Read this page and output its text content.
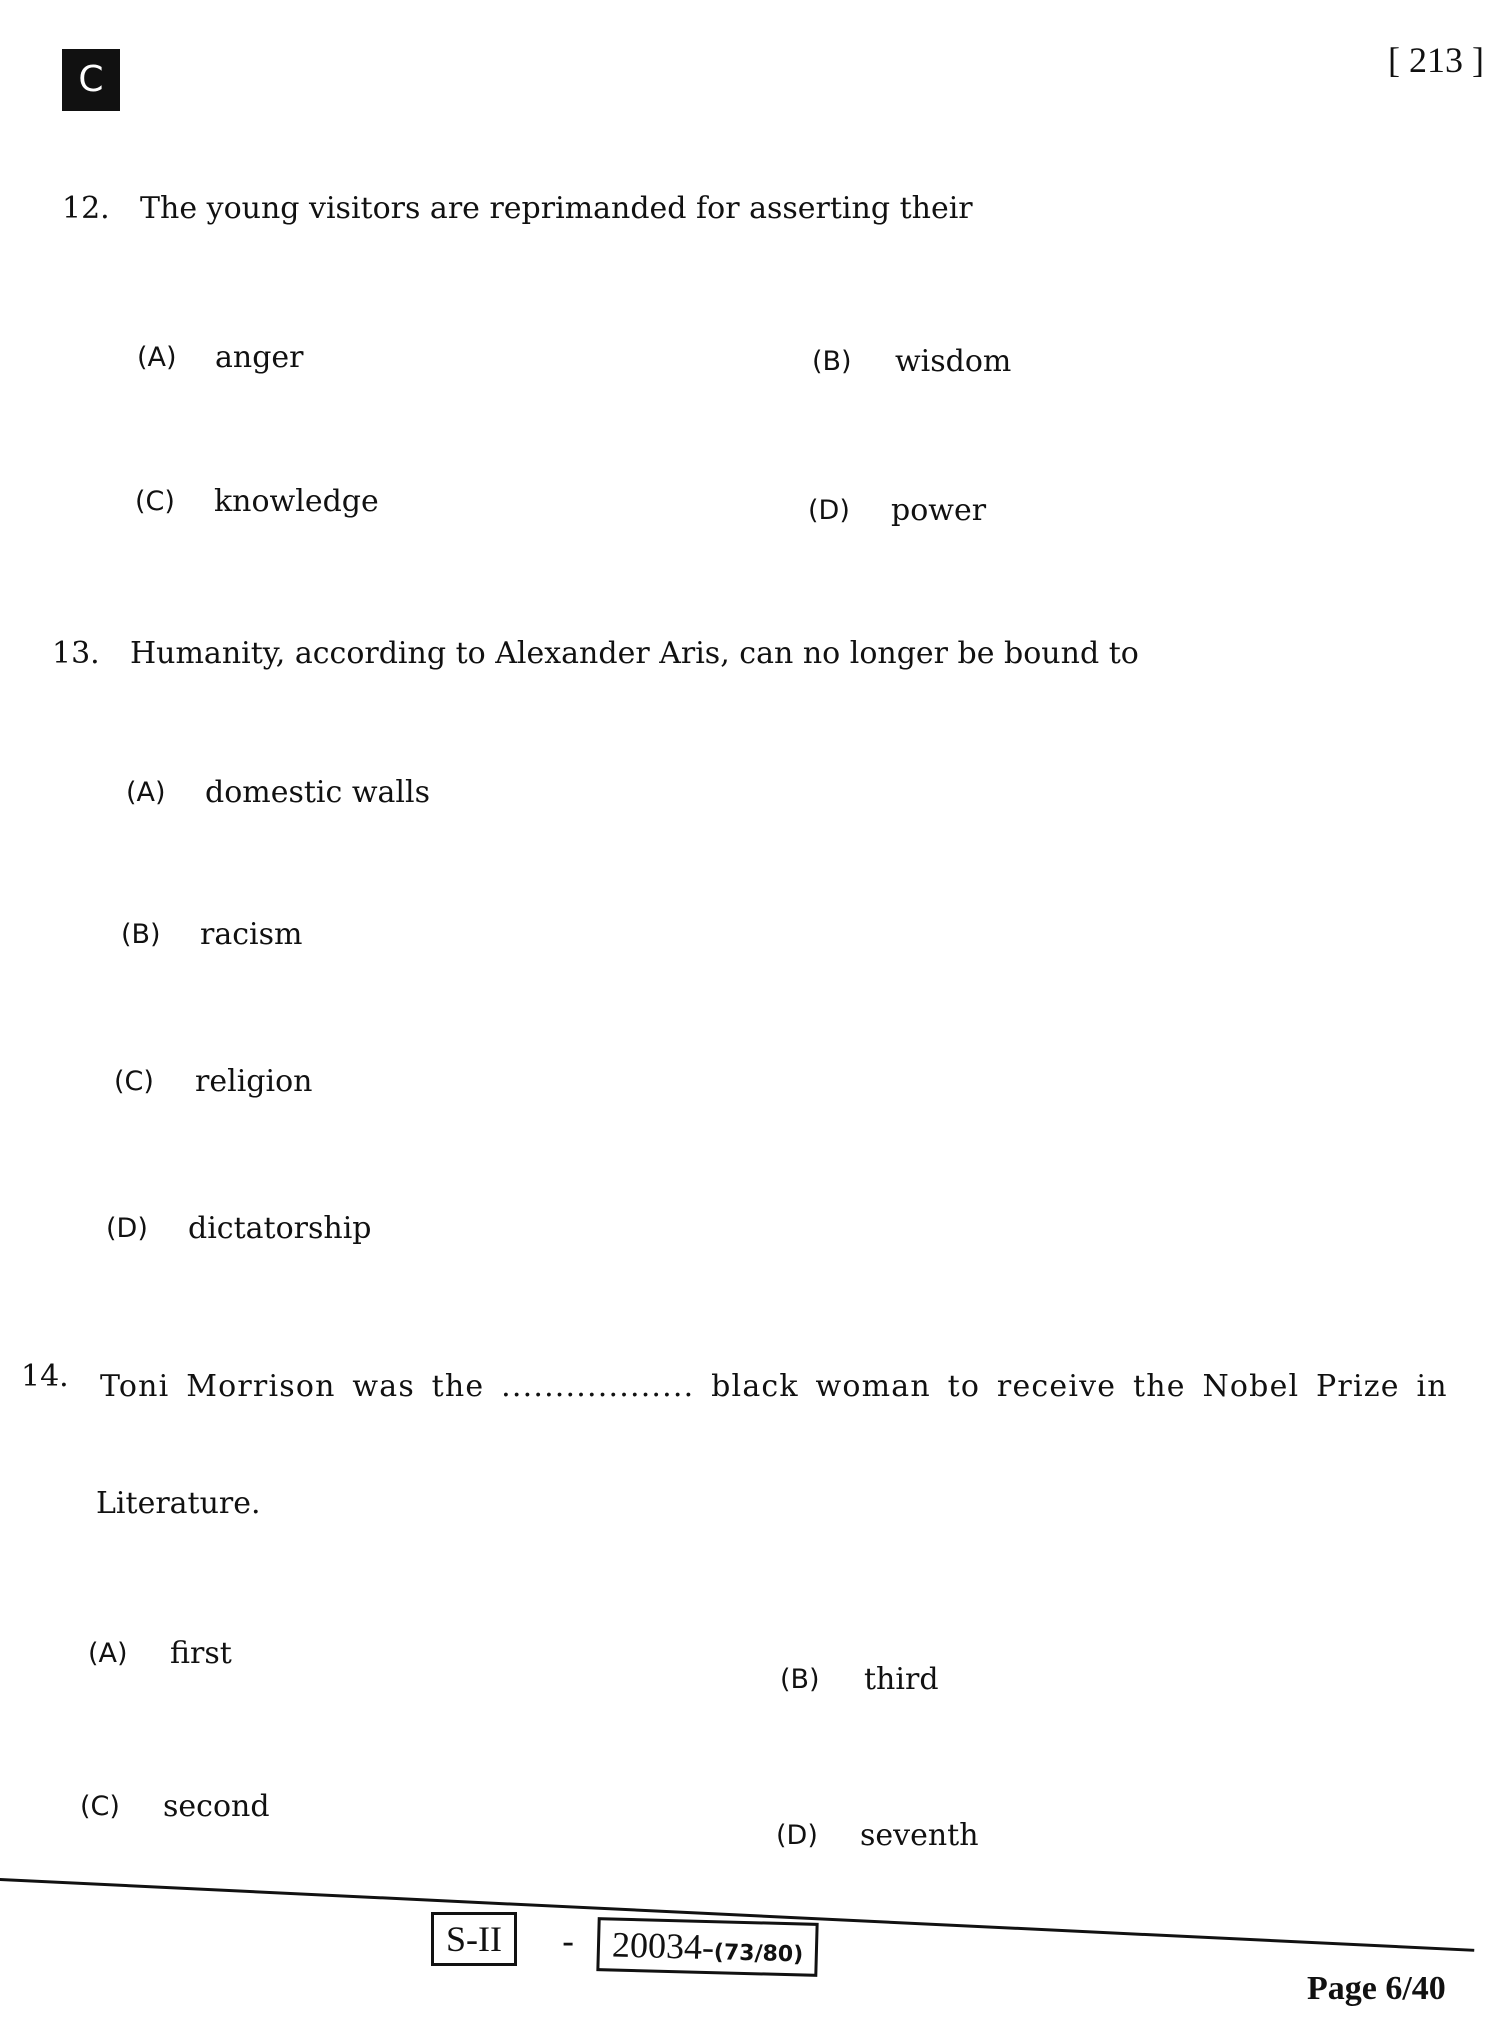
C	[ 213 ]
12. The young visitors are reprimanded for asserting their
(A) anger	(B) wisdom
(C) knowledge	(D) power
13. Humanity, according to Alexander Aris, can no longer be bound to
(A) domestic walls
(B) racism
(C) religion
(D) dictatorship
14. Toni Morrison was the .................. black woman to receive the Nobel Prize in
Literature.
(A) first
(B) third
(C) second
(D) seventh
S-II	-	20034-(73/80)
Page 6/40
